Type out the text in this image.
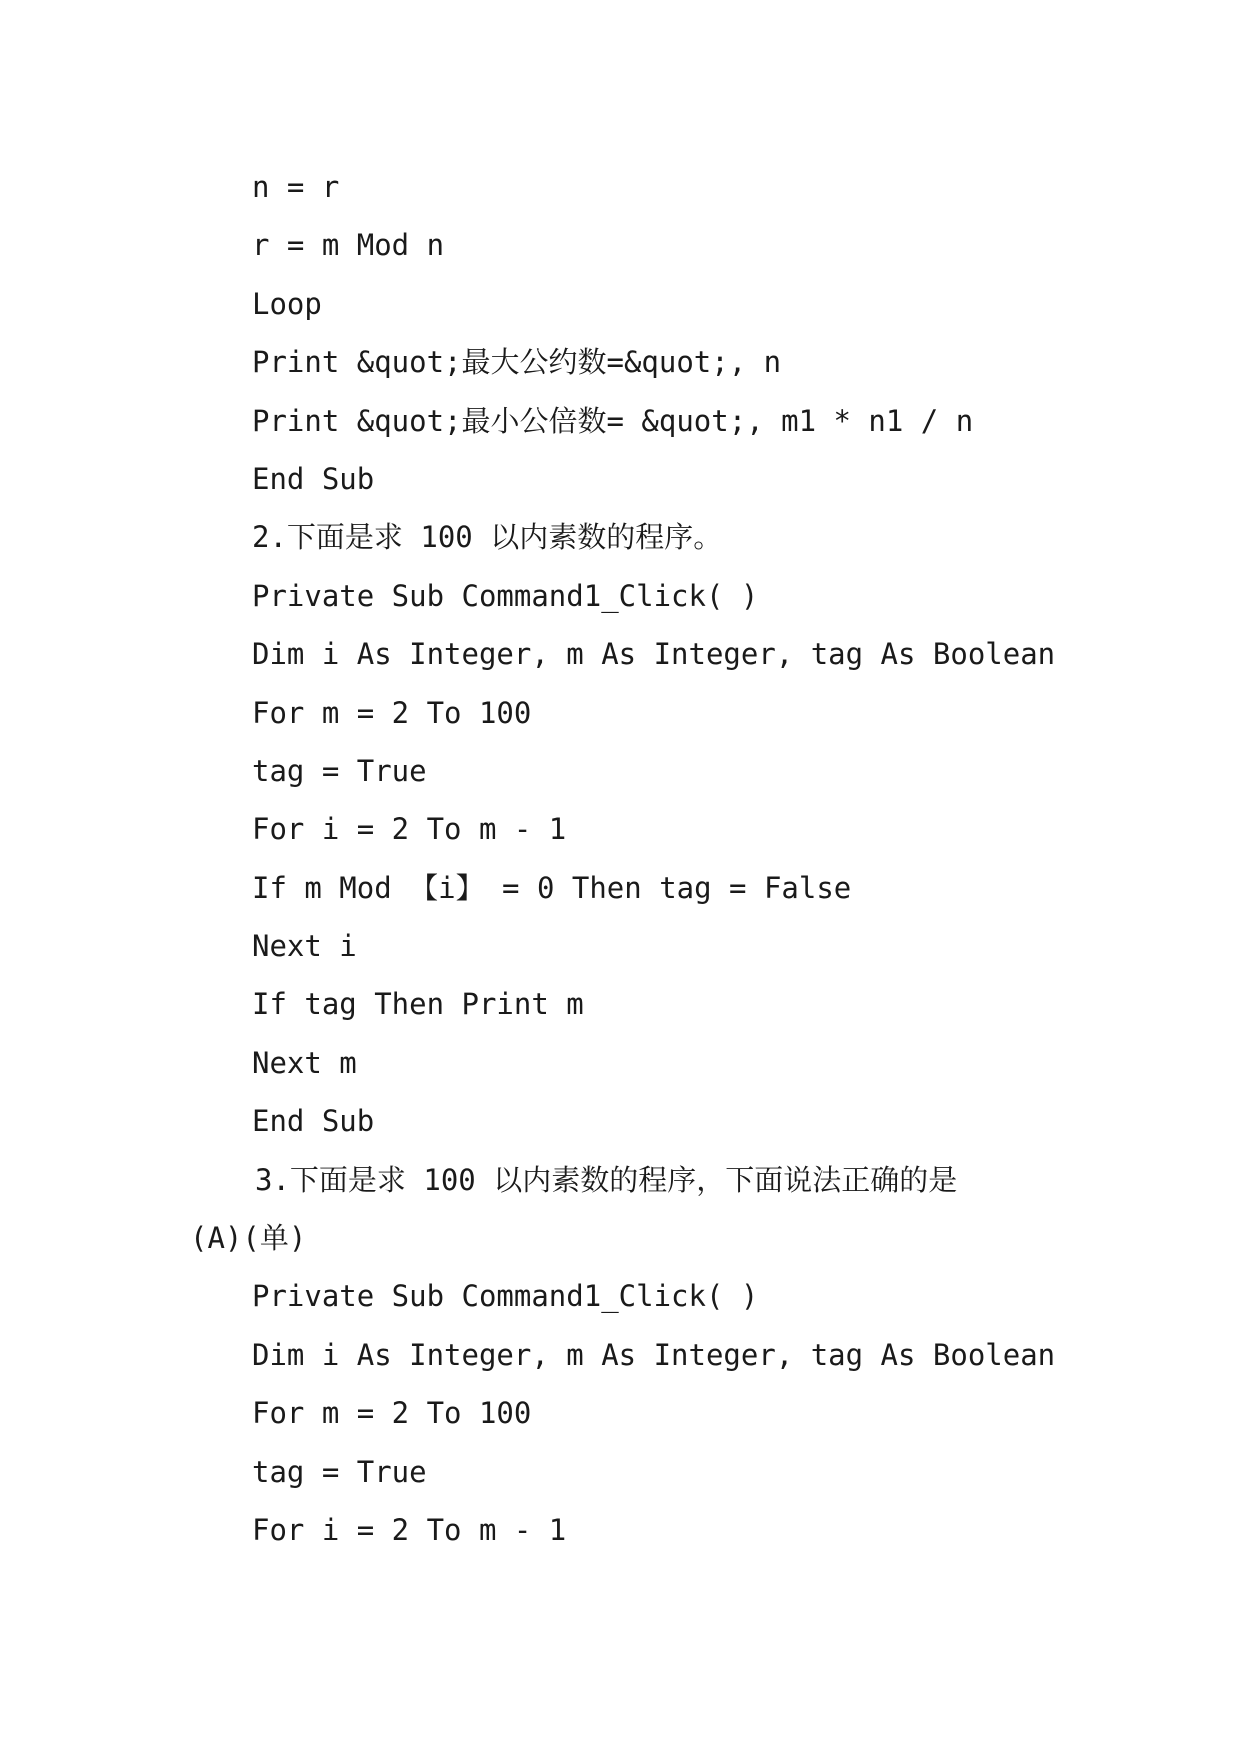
n = r
r = m Mod n
Loop
Print &quot;最大公约数=&quot;, n
Print &quot;最小公倍数= &quot;, m1 * n1 / n
End Sub
2.下面是求 100 以内素数的程序。
Private Sub Command1_Click( )
Dim i As Integer, m As Integer, tag As Boolean
For m = 2 To 100
tag = True
For i = 2 To m - 1
If m Mod 【i】 = 0 Then tag = False
Next i
If tag Then Print m
Next m
End Sub
3.下面是求 100 以内素数的程序，下面说法正确的是
(A)(单)
Private Sub Command1_Click( )
Dim i As Integer, m As Integer, tag As Boolean
For m = 2 To 100
tag = True
For i = 2 To m - 1
